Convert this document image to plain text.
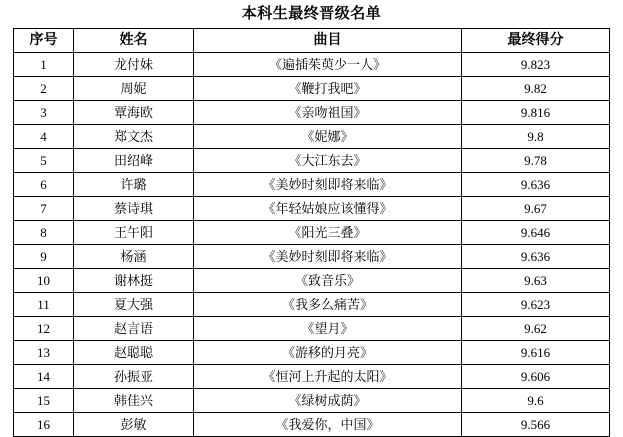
本科生最终晋级名单
序号	姓名	曲目	最终得分
1	龙付妹	《遍插茱萸少一人》	9.823
2	周妮	《鞭打我吧》	9.82
3	覃海欧	《亲吻祖国》	9.816
4	郑文杰	《妮娜》	9.8
5	田绍峰	《大江东去》	9.78
6	许璐	《美妙时刻即将来临》	9.636
7	蔡诗琪	《年轻姑娘应该懂得》	9.67
8	王午阳	《阳光三叠》	9.646
9	杨涵	《美妙时刻即将来临》	9.636
10	谢林挺	《致音乐》	9.63
11	夏大强	《我多么痛苦》	9.623
12	赵言语	《望月》	9.62
13	赵聪聪	《游移的月亮》	9.616
14	孙振亚	《恒河上升起的太阳》	9.606
15	韩佳兴	《绿树成荫》	9.6
16	彭敏	《我爱你，中国》	9.566
